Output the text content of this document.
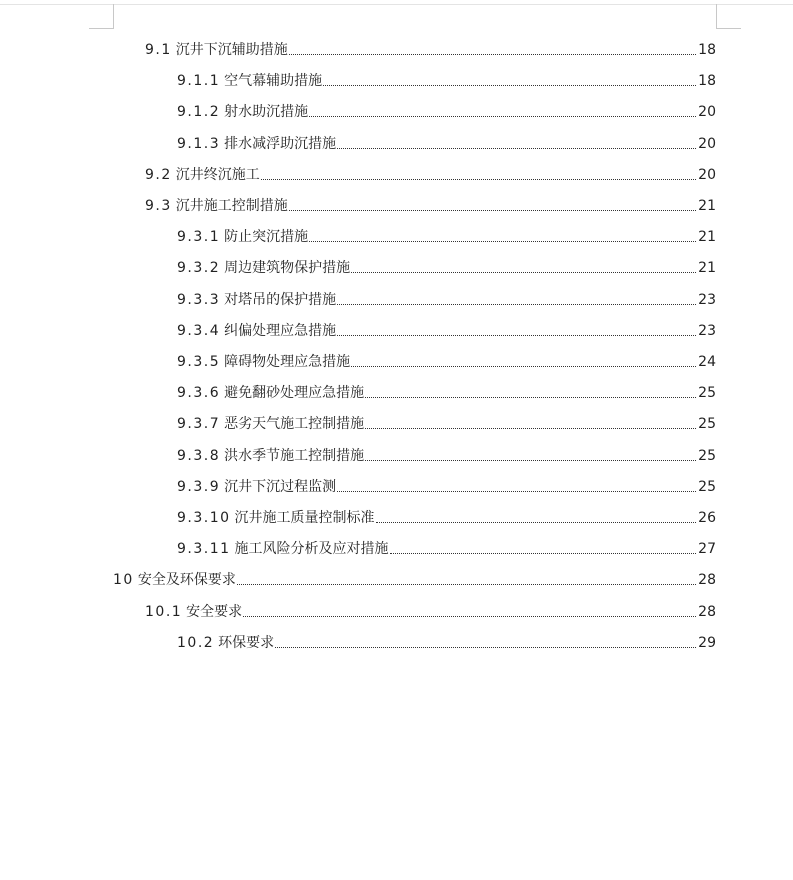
9.1 沉井下沉辅助措施	18
9.1.1 空气幕辅助措施	18
9.1.2 射水助沉措施	20
9.1.3 排水减浮助沉措施	20
9.2 沉井终沉施工	20
9.3 沉井施工控制措施	21
9.3.1 防止突沉措施	21
9.3.2 周边建筑物保护措施	21
9.3.3 对塔吊的保护措施	23
9.3.4 纠偏处理应急措施	23
9.3.5 障碍物处理应急措施	24
9.3.6 避免翻砂处理应急措施	25
9.3.7 恶劣天气施工控制措施	25
9.3.8 洪水季节施工控制措施	25
9.3.9 沉井下沉过程监测	25
9.3.10 沉井施工质量控制标准	26
9.3.11 施工风险分析及应对措施	27
10 安全及环保要求	28
10.1 安全要求	28
10.2 环保要求	29
